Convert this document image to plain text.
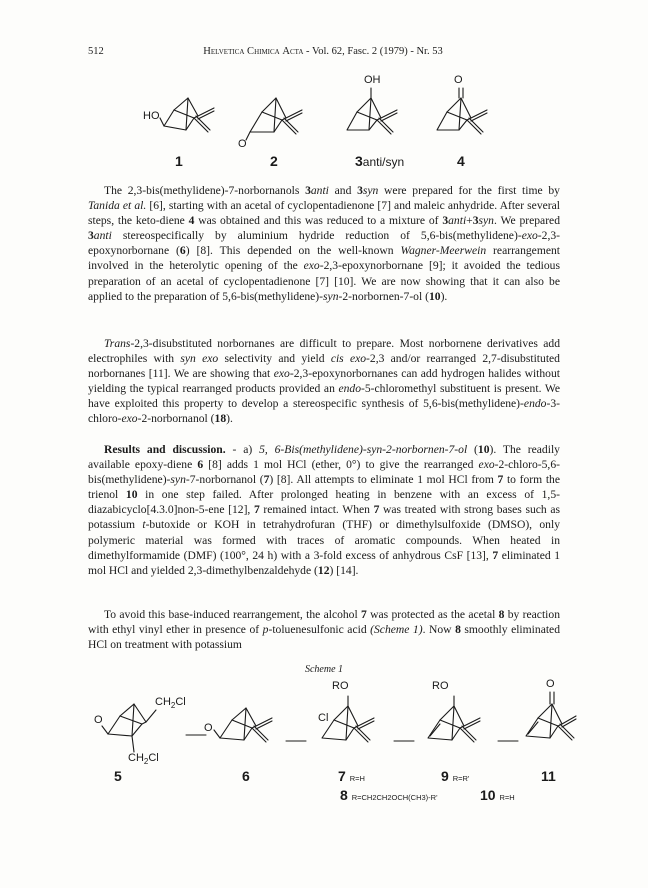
512	Helvetica Chimica Acta - Vol. 62, Fasc. 2 (1979) - Nr. 53
HO
O
OH	O
1	2	3anti/syn	4

The 2,3-bis(methylidene)-7-norbornanols 3anti and 3syn were prepared for the first time by Tanida et al. [6], starting with an acetal of cyclopentadienone [7] and maleic anhydride. After several steps, the keto-diene 4 was obtained and this was reduced to a mixture of 3anti+3syn. We prepared 3anti stereospecifically by aluminium hydride reduction of 5,6-bis(methylidene)-exo-2,3-epoxynorbornane (6) [8]. This depended on the well-known Wagner-Meerwein rearrangement involved in the heterolytic opening of the exo-2,3-epoxynorbornane [9]; it avoided the tedious preparation of an acetal of cyclopentadienone [7] [10]. We are now showing that it can also be applied to the preparation of 5,6-bis(methylidene)-syn-2-norbornen-7-ol (10).

Trans-2,3-disubstituted norbornanes are difficult to prepare. Most norbornene derivatives add electrophiles with syn exo selectivity and yield cis exo-2,3 and/or rearranged 2,7-disubstituted norbornanes [11]. We are showing that exo-2,3-epoxynorbornanes can add hydrogen halides without yielding the typical rearranged products provided an endo-5-chloromethyl substituent is present. We have exploited this property to develop a stereospecific synthesis of 5,6-bis(methylidene)-endo-3-chloro-exo-2-norbornanol (18).

Results and discussion. - a) 5, 6-Bis(methylidene)-syn-2-norbornen-7-ol (10). The readily available epoxy-diene 6 [8] adds 1 mol HCl (ether, 0°) to give the rearranged exo-2-chloro-5,6-bis(methylidene)-syn-7-norbornanol (7) [8]. All attempts to eliminate 1 mol HCl from 7 to form the trienol 10 in one step failed. After prolonged heating in benzene with an excess of 1,5-diazabicyclo[4.3.0]non-5-ene [12], 7 remained intact. When 7 was treated with strong bases such as potassium t-butoxide or KOH in tetrahydrofuran (THF) or dimethylsulfoxide (DMSO), only polymeric material was formed with traces of aromatic compounds. When heated in dimethylformamide (DMF) (100°, 24 h) with a 3-fold excess of anhydrous CsF [13], 7 eliminated 1 mol HCl and yielded 2,3-dimethylbenzaldehyde (12) [14].

To avoid this base-induced rearrangement, the alcohol 7 was protected as the acetal 8 by reaction with ethyl vinyl ether in presence of p-toluenesulfonic acid (Scheme 1). Now 8 smoothly eliminated HCl on treatment with potassium

Scheme 1
O
$CH_2Cl$
$CH_2Cl$
O
RO
Cl
RO	O
5	6	7 R=H	9 R=R'	11
8 R=CH2CH2OCH(CH3)-R'	10 R=H
